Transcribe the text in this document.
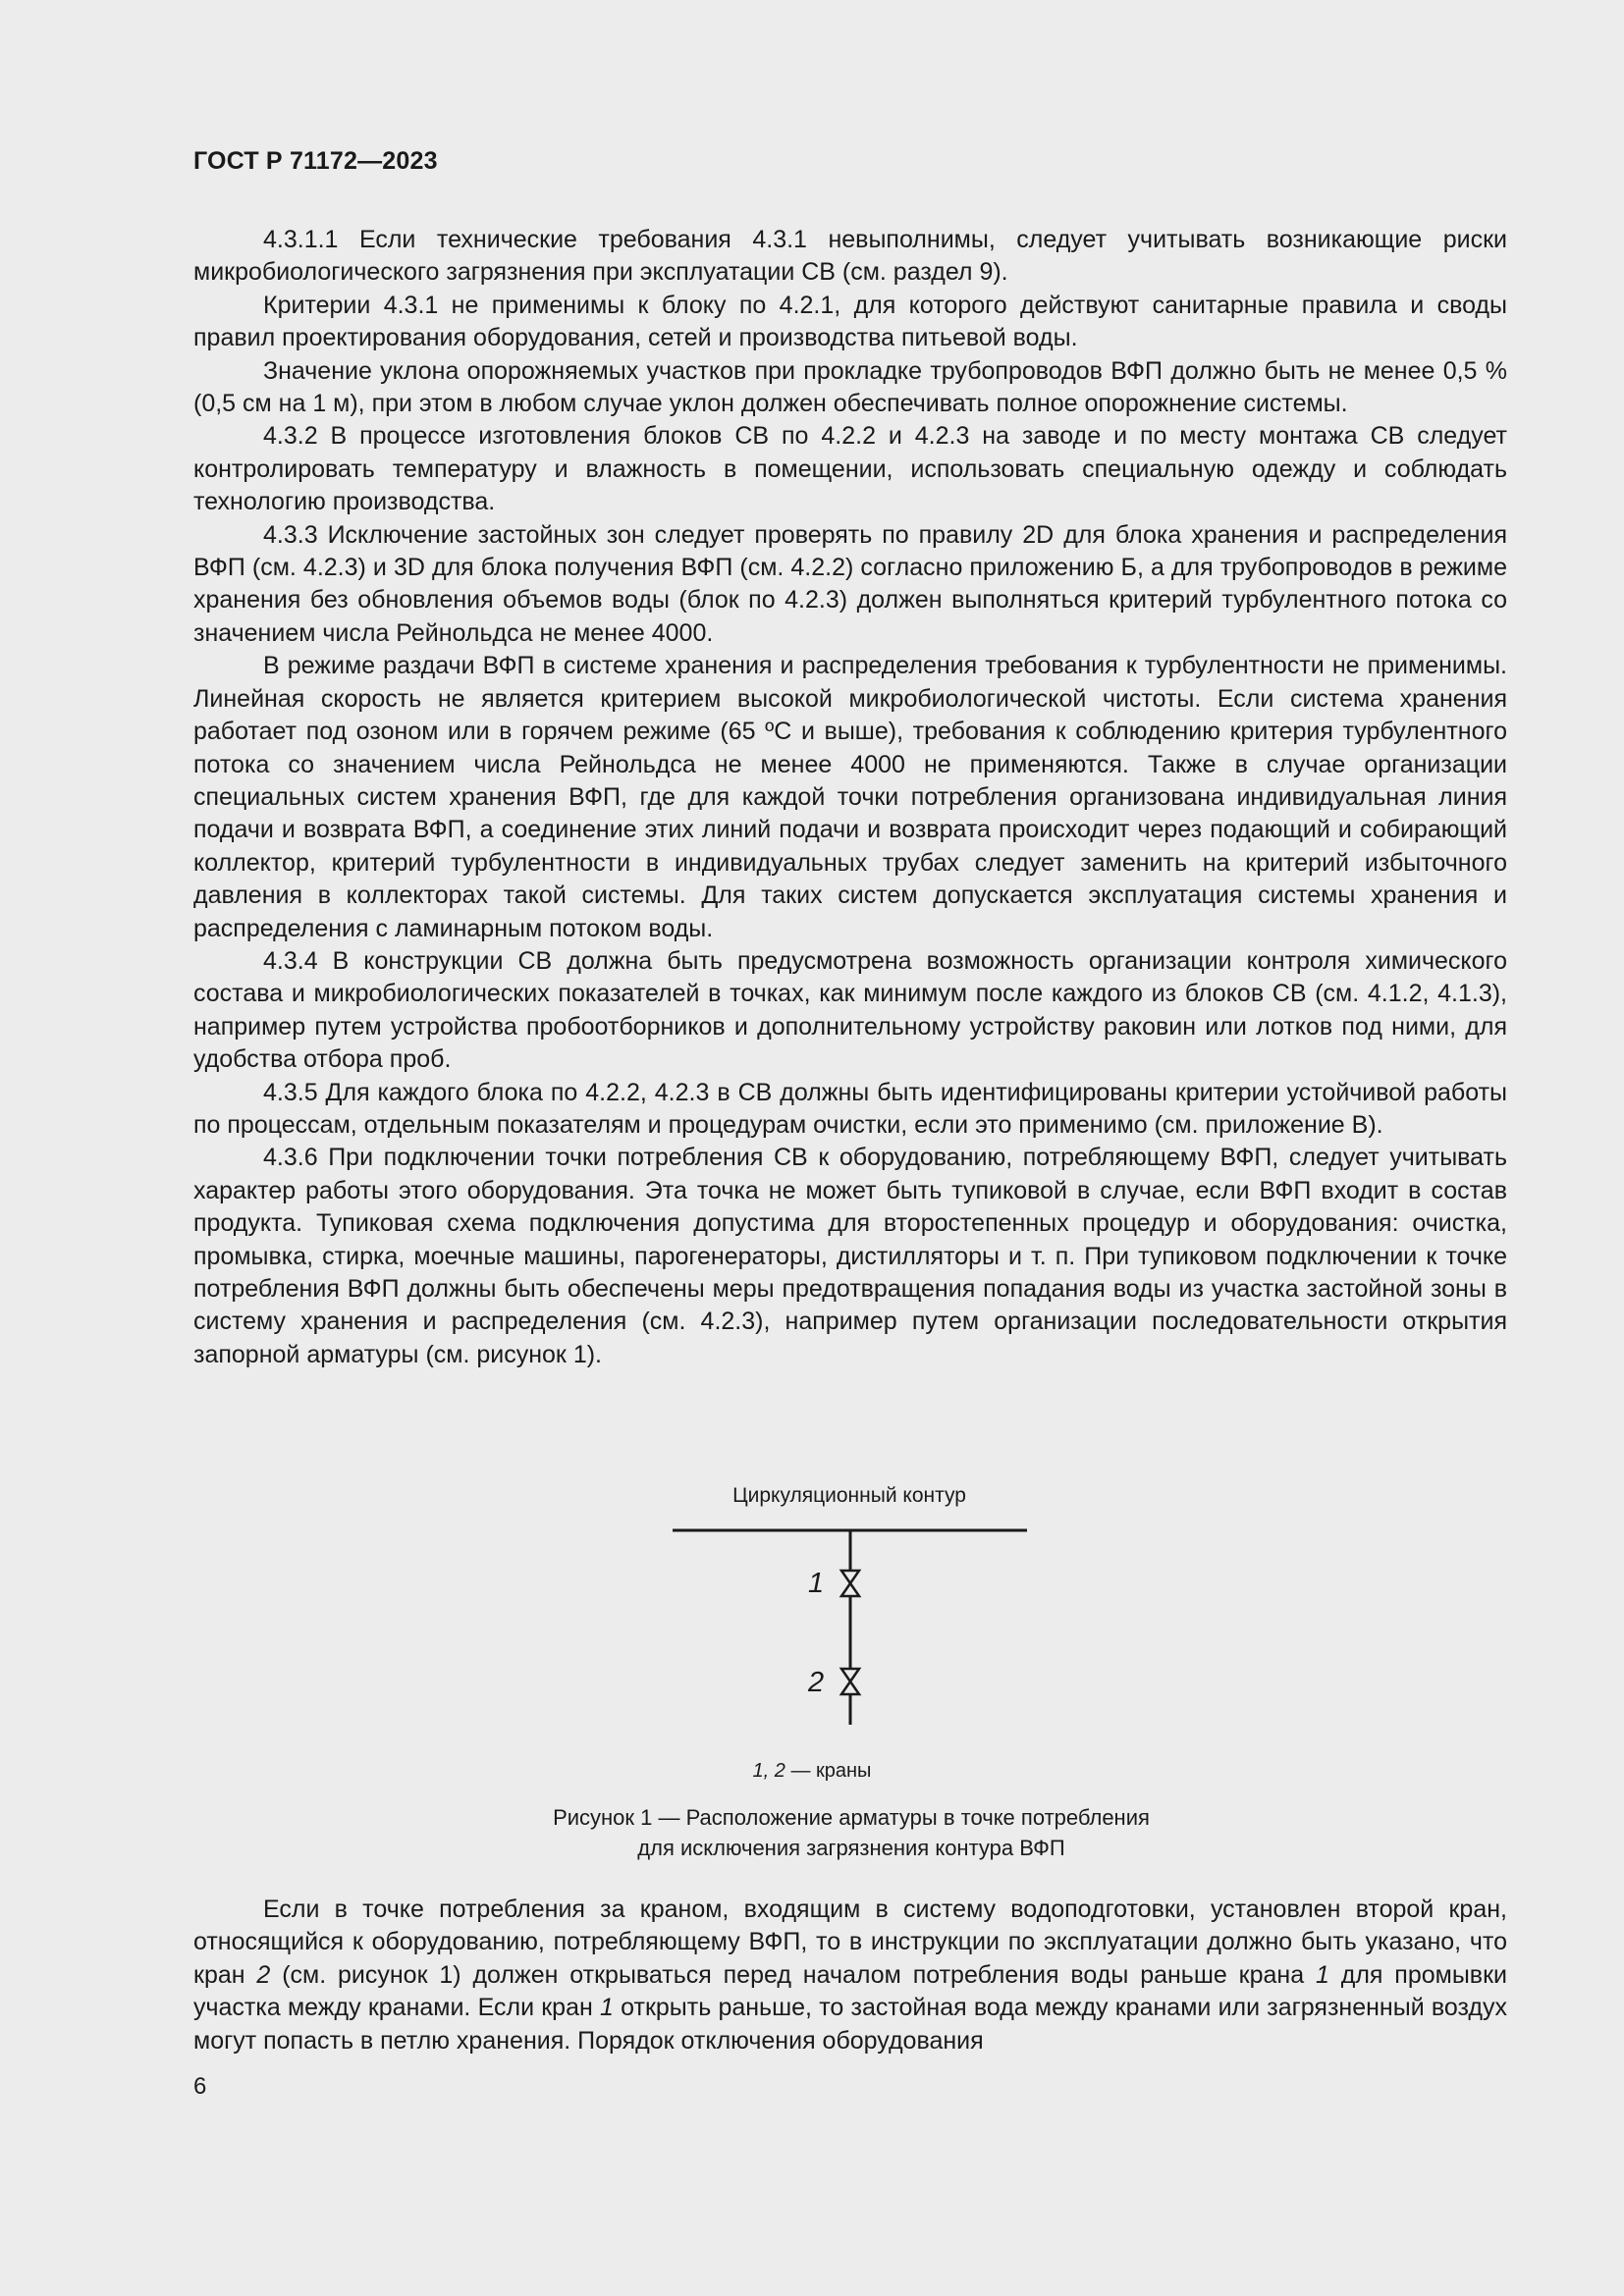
ГОСТ Р 71172—2023

4.3.1.1 Если технические требования 4.3.1 невыполнимы, следует учитывать возникающие риски микробиологического загрязнения при эксплуатации СВ (см. раздел 9).

Критерии 4.3.1 не применимы к блоку по 4.2.1, для которого действуют санитарные правила и своды правил проектирования оборудования, сетей и производства питьевой воды.

Значение уклона опорожняемых участков при прокладке трубопроводов ВФП должно быть не менее 0,5 % (0,5 см на 1 м), при этом в любом случае уклон должен обеспечивать полное опорожнение системы.

4.3.2 В процессе изготовления блоков СВ по 4.2.2 и 4.2.3 на заводе и по месту монтажа СВ следует контролировать температуру и влажность в помещении, использовать специальную одежду и соблюдать технологию производства.

4.3.3 Исключение застойных зон следует проверять по правилу 2D для блока хранения и распределения ВФП (см. 4.2.3) и 3D для блока получения ВФП (см. 4.2.2) согласно приложению Б, а для трубопроводов в режиме хранения без обновления объемов воды (блок по 4.2.3) должен выполняться критерий турбулентного потока со значением числа Рейнольдса не менее 4000.

В режиме раздачи ВФП в системе хранения и распределения требования к турбулентности не применимы. Линейная скорость не является критерием высокой микробиологической чистоты. Если система хранения работает под озоном или в горячем режиме (65 ºС и выше), требования к соблюдению критерия турбулентного потока со значением числа Рейнольдса не менее 4000 не применяются. Также в случае организации специальных систем хранения ВФП, где для каждой точки потребления организована индивидуальная линия подачи и возврата ВФП, а соединение этих линий подачи и возврата происходит через подающий и собирающий коллектор, критерий турбулентности в индивидуальных трубах следует заменить на критерий избыточного давления в коллекторах такой системы. Для таких систем допускается эксплуатация системы хранения и распределения с ламинарным потоком воды.

4.3.4 В конструкции СВ должна быть предусмотрена возможность организации контроля химического состава и микробиологических показателей в точках, как минимум после каждого из блоков СВ (см. 4.1.2, 4.1.3), например путем устройства пробоотборников и дополнительному устройству раковин или лотков под ними, для удобства отбора проб.

4.3.5 Для каждого блока по 4.2.2, 4.2.3 в СВ должны быть идентифицированы критерии устойчивой работы по процессам, отдельным показателям и процедурам очистки, если это применимо (см. приложение В).

4.3.6 При подключении точки потребления СВ к оборудованию, потребляющему ВФП, следует учитывать характер работы этого оборудования. Эта точка не может быть тупиковой в случае, если ВФП входит в состав продукта. Тупиковая схема подключения допустима для второстепенных процедур и оборудования: очистка, промывка, стирка, моечные машины, парогенераторы, дистилляторы и т. п. При тупиковом подключении к точке потребления ВФП должны быть обеспечены меры предотвращения попадания воды из участка застойной зоны в систему хранения и распределения (см. 4.2.3), например путем организации последовательности открытия запорной арматуры (см. рисунок 1).

Циркуляционный контур
1
2
1, 2 — краны
Рисунок 1 — Расположение арматуры в точке потребления
для исключения загрязнения контура ВФП

Если в точке потребления за краном, входящим в систему водоподготовки, установлен второй кран, относящийся к оборудованию, потребляющему ВФП, то в инструкции по эксплуатации должно быть указано, что кран 2 (см. рисунок 1) должен открываться перед началом потребления воды раньше крана 1 для промывки участка между кранами. Если кран 1 открыть раньше, то застойная вода между кранами или загрязненный воздух могут попасть в петлю хранения. Порядок отключения оборудования

6
